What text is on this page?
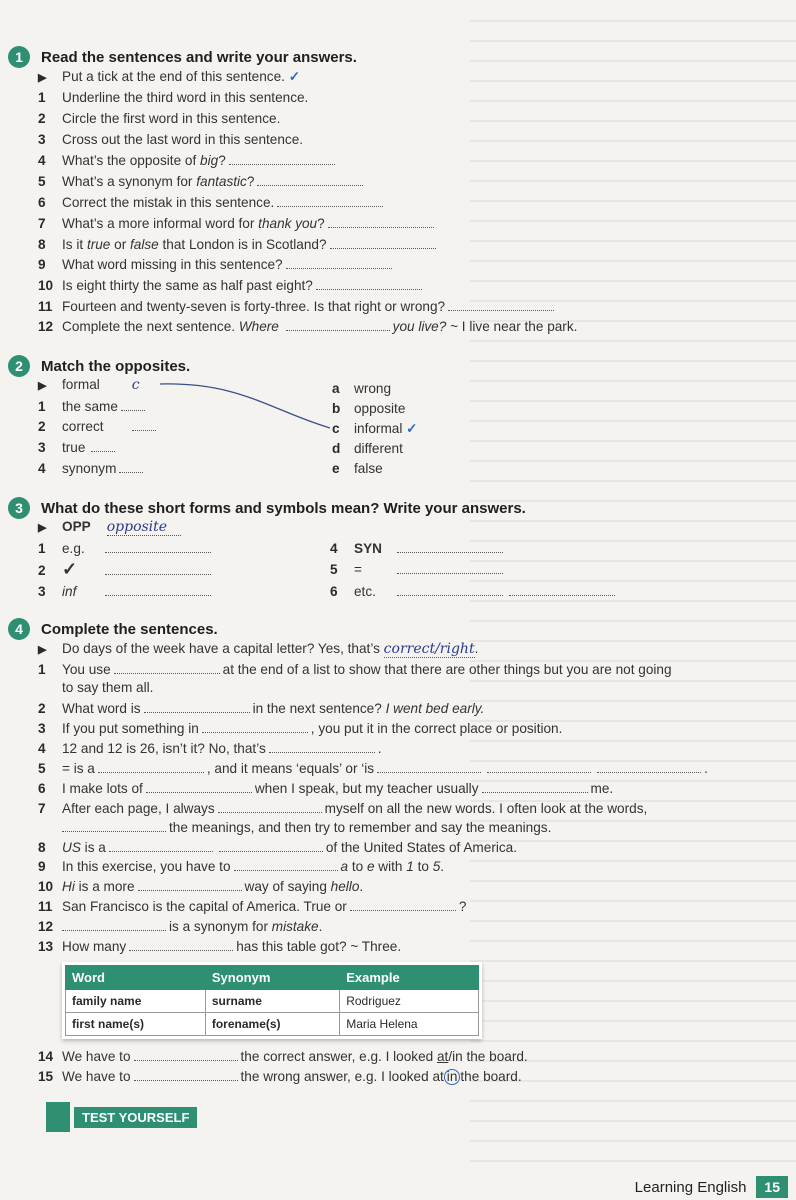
1	Read the sentences and write your answers.
▶ Put a tick at the end of this sentence. ✓
1 Underline the third word in this sentence.
2 Circle the first word in this sentence.
3 Cross out the last word in this sentence.
4 What’s the opposite of big?
5 What’s a synonym for fantastic?
6 Correct the mistak in this sentence.
7 What’s a more informal word for thank you?
8 Is it true or false that London is in Scotland?
9 What word missing in this sentence?
10 Is eight thirty the same as half past eight?
11 Fourteen and twenty-seven is forty-three. Is that right or wrong?
12 Complete the next sentence. Where	you live? ~ I live near the park.
2	Match the opposites.
▶ formal c
1 the same
2 correct
3 true
4 synonym
a wrong
b opposite
c informal ✓
d different
e false
3	What do these short forms and symbols mean? Write your answers.
▶ OPP opposite
1 e.g.
2 ✓
3 inf
4 SYN
5 =
6 etc.
4	Complete the sentences.
▶ Do days of the week have a capital letter? Yes, that’s correct/right.
1 You use	at the end of a list to show that there are other things but you are not going
to say them all.
2 What word is	in the next sentence? I went bed early.
3 If you put something in	, you put it in the correct place or position.
4 12 and 12 is 26, isn’t it? No, that’s	.
5 = is a	, and it means ‘equals’ or ‘is	.
6 I make lots of	when I speak, but my teacher usually	me.
7 After each page, I always	myself on all the new words. I often look at the words,
the meanings, and then try to remember and say the meanings.
8 US is a	of the United States of America.
9 In this exercise, you have to	a to e with 1 to 5.
10 Hi is a more	way of saying hello.
11 San Francisco is the capital of America. True or	?
12	is a synonym for mistake.
13 How many	has this table got? ~ Three.
Word	Synonym	Example
family name	surname	Rodriguez
first name(s)	forename(s)	Maria Helena
14 We have to	the correct answer, e.g. I looked at/in the board.
15 We have to	the wrong answer, e.g. I looked at in the board.
TEST YOURSELF
Learning English	15
